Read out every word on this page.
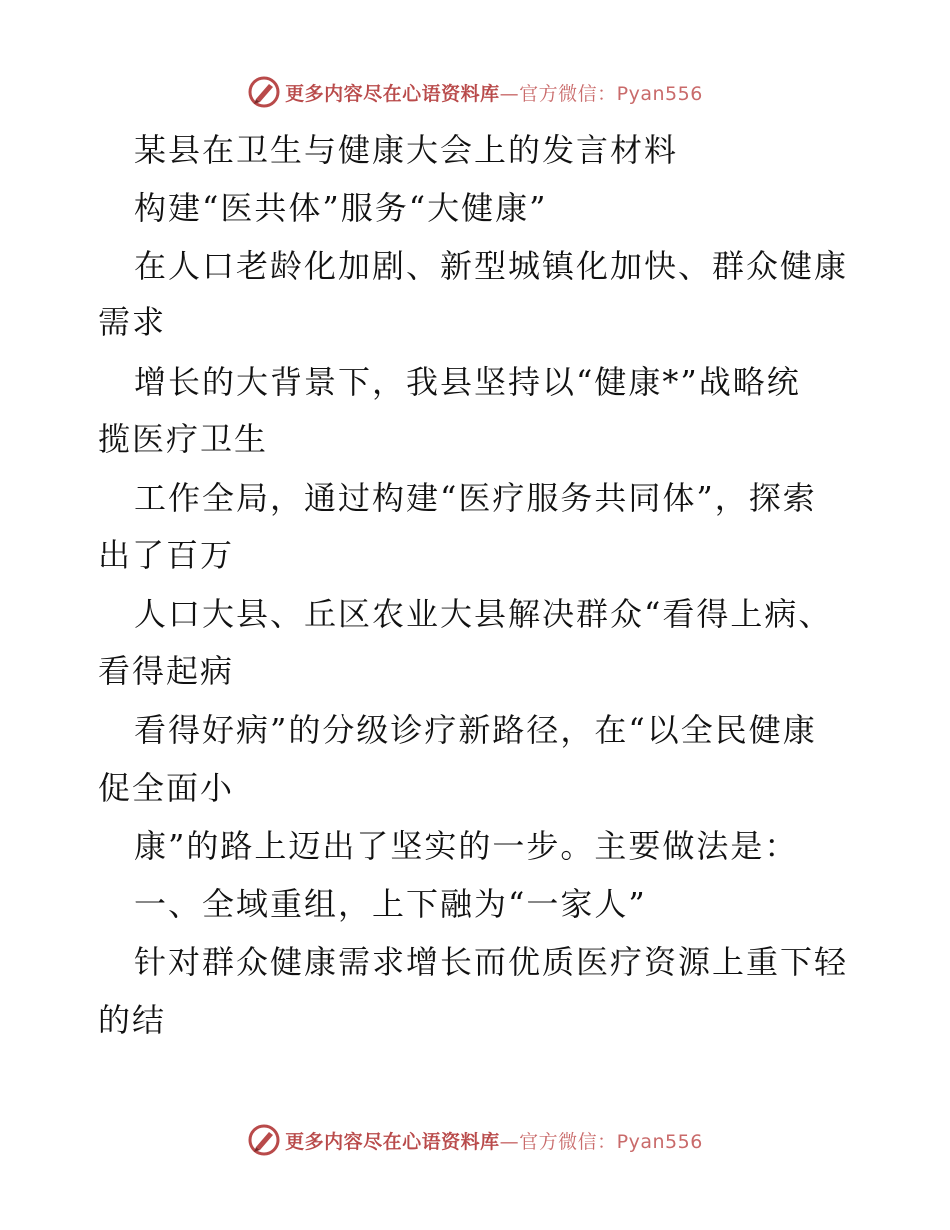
更多内容尽在心语资料库—官方微信：Pyan556
某县在卫生与健康大会上的发言材料
构建“医共体”服务“大健康”
在人口老龄化加剧、新型城镇化加快、群众健康
需求
增长的大背景下，我县坚持以“健康*”战略统
揽医疗卫生
工作全局，通过构建“医疗服务共同体”，探索
出了百万
人口大县、丘区农业大县解决群众“看得上病、
看得起病
看得好病”的分级诊疗新路径，在“以全民健康
促全面小
康”的路上迈出了坚实的一步。主要做法是：
一、全域重组，上下融为“一家人”
针对群众健康需求增长而优质医疗资源上重下轻
的结
更多内容尽在心语资料库—官方微信：Pyan556
